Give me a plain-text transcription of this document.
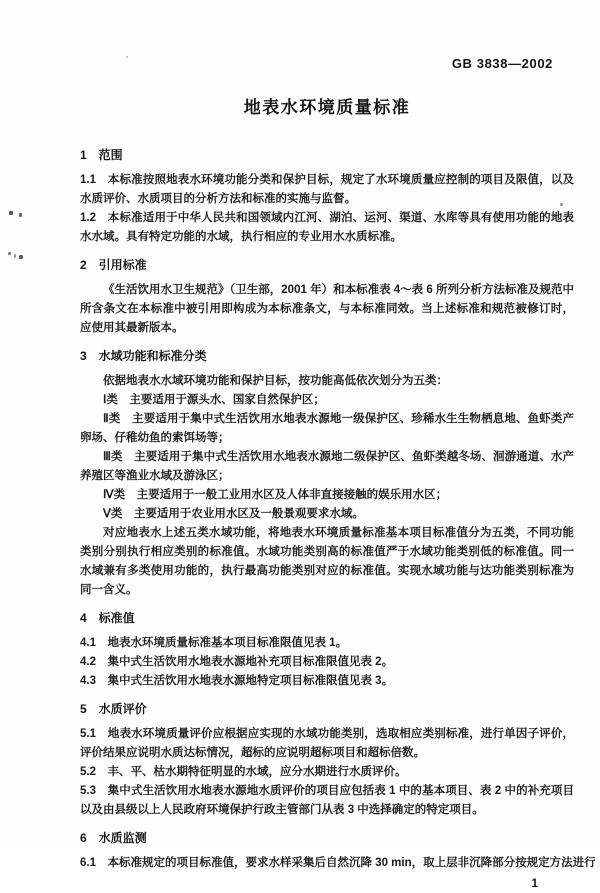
GB 3838—2002
地表水环境质量标准
1　范围

1.1　本标准按照地表水环境功能分类和保护目标，规定了水环境质量应控制的项目及限值，以及水质评价、水质项目的分析方法和标准的实施与监督。

1.2　本标准适用于中华人民共和国领域内江河、湖泊、运河、渠道、水库等具有使用功能的地表水水域。具有特定功能的水域，执行相应的专业用水水质标准。

2　引用标准

《生活饮用水卫生规范》（卫生部，2001 年）和本标准表 4～表 6 所列分析方法标准及规范中所含条文在本标准中被引用即构成为本标准条文，与本标准同效。当上述标准和规范被修订时，应使用其最新版本。

3　水域功能和标准分类

依据地表水水域环境功能和保护目标，按功能高低依次划分为五类：

Ⅰ类　主要适用于源头水、国家自然保护区；

Ⅱ类　主要适用于集中式生活饮用水地表水源地一级保护区、珍稀水生生物栖息地、鱼虾类产卵场、仔稚幼鱼的索饵场等；

Ⅲ类　主要适用于集中式生活饮用水地表水源地二级保护区、鱼虾类越冬场、洄游通道、水产养殖区等渔业水域及游泳区；

Ⅳ类　主要适用于一般工业用水区及人体非直接接触的娱乐用水区；

Ⅴ类　主要适用于农业用水区及一般景观要求水域。

对应地表水上述五类水域功能，将地表水环境质量标准基本项目标准值分为五类，不同功能类别分别执行相应类别的标准值。水域功能类别高的标准值严于水域功能类别低的标准值。同一水域兼有多类使用功能的，执行最高功能类别对应的标准值。实现水域功能与达功能类别标准为同一含义。

4　标准值

4.1　地表水环境质量标准基本项目标准限值见表 1。

4.2　集中式生活饮用水地表水源地补充项目标准限值见表 2。

4.3　集中式生活饮用水地表水源地特定项目标准限值见表 3。

5　水质评价

5.1　地表水环境质量评价应根据应实现的水域功能类别，选取相应类别标准，进行单因子评价，评价结果应说明水质达标情况，超标的应说明超标项目和超标倍数。

5.2　丰、平、枯水期特征明显的水域，应分水期进行水质评价。

5.3　集中式生活饮用水地表水源地水质评价的项目应包括表 1 中的基本项目、表 2 中的补充项目以及由县级以上人民政府环境保护行政主管部门从表 3 中选择确定的特定项目。

6　水质监测

6.1　本标准规定的项目标准值，要求水样采集后自然沉降 30 min，取上层非沉降部分按规定方法进行

1
